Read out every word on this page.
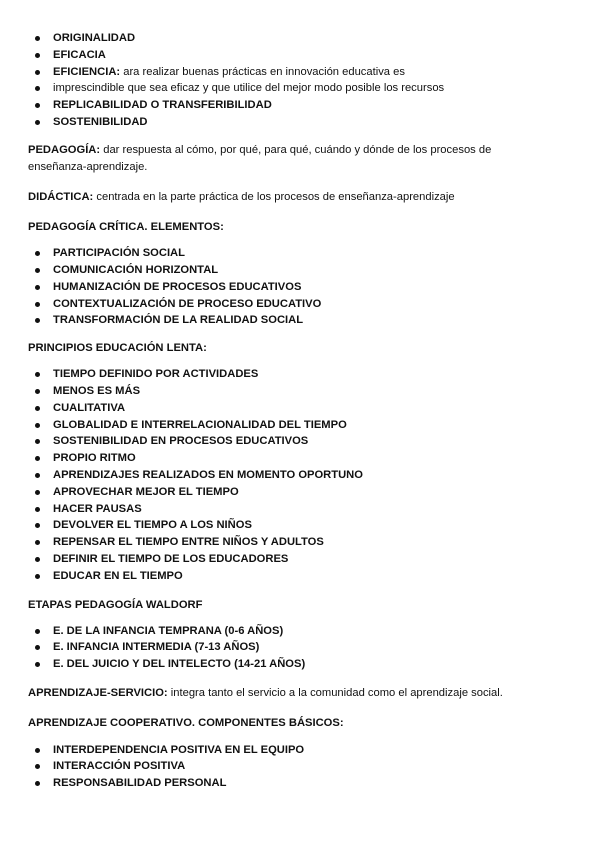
ORIGINALIDAD
EFICACIA
EFICIENCIA: ara realizar buenas prácticas en innovación educativa es
imprescindible que sea eficaz y que utilice del mejor modo posible los recursos
REPLICABILIDAD O TRANSFERIBILIDAD
SOSTENIBILIDAD
PEDAGOGÍA: dar respuesta al cómo, por qué, para qué, cuándo y dónde de los procesos de
enseñanza-aprendizaje.
DIDÁCTICA: centrada en la parte práctica de los procesos de enseñanza-aprendizaje
PEDAGOGÍA CRÍTICA. ELEMENTOS:
PARTICIPACIÓN SOCIAL
COMUNICACIÓN HORIZONTAL
HUMANIZACIÓN DE PROCESOS EDUCATIVOS
CONTEXTUALIZACIÓN DE PROCESO EDUCATIVO
TRANSFORMACIÓN DE LA REALIDAD SOCIAL
PRINCIPIOS EDUCACIÓN LENTA:
TIEMPO DEFINIDO POR ACTIVIDADES
MENOS ES MÁS
CUALITATIVA
GLOBALIDAD E INTERRELACIONALIDAD DEL TIEMPO
SOSTENIBILIDAD EN PROCESOS EDUCATIVOS
PROPIO RITMO
APRENDIZAJES REALIZADOS EN MOMENTO OPORTUNO
APROVECHAR MEJOR EL TIEMPO
HACER PAUSAS
DEVOLVER EL TIEMPO A LOS NIÑOS
REPENSAR EL TIEMPO ENTRE NIÑOS Y ADULTOS
DEFINIR EL TIEMPO DE LOS EDUCADORES
EDUCAR EN EL TIEMPO
ETAPAS PEDAGOGÍA WALDORF
E. DE LA INFANCIA TEMPRANA (0-6 AÑOS)
E. INFANCIA INTERMEDIA (7-13 AÑOS)
E. DEL JUICIO Y DEL INTELECTO (14-21 AÑOS)
APRENDIZAJE-SERVICIO: integra tanto el servicio a la comunidad como el aprendizaje social.
APRENDIZAJE COOPERATIVO. COMPONENTES BÁSICOS:
INTERDEPENDENCIA POSITIVA EN EL EQUIPO
INTERACCIÓN POSITIVA
RESPONSABILIDAD PERSONAL
